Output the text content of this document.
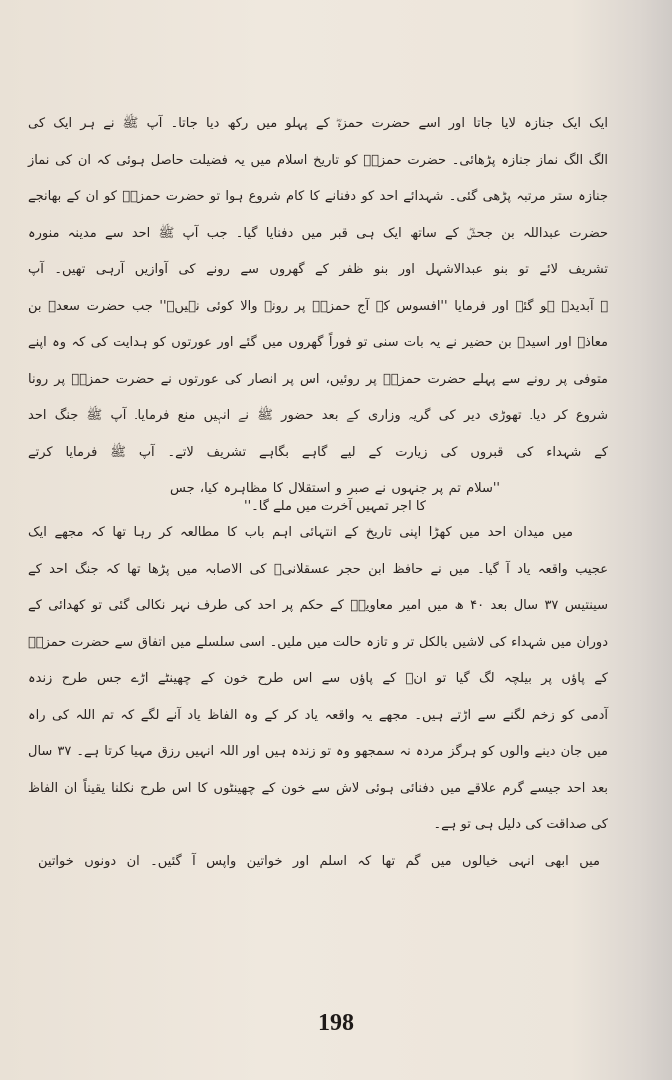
ایک ایک جنازہ لایا جاتا اور اسے حضرت حمزہؓ کے پہلو میں رکھ دیا جاتا۔ آپ ﷺ نے ہر ایک کی
الگ الگ نماز جنازہ پڑھائی۔ حضرت حمزہؓ کو تاریخ اسلام میں یہ فضیلت حاصل ہوئی کہ ان کی نماز
جنازہ ستر مرتبہ پڑھی گئی۔ شہدائے احد کو دفنانے کا کام شروع ہوا تو حضرت حمزہؓ کو ان کے بھانجے
حضرت عبداللہ بن جحشؓ کے ساتھ ایک ہی قبر میں دفنایا گیا۔ جب آپ ﷺ احد سے مدینہ منورہ
تشریف لائے تو بنو عبدالاشہل اور بنو ظفر کے گھروں سے رونے کی آوازیں آرہی تھیں۔ آپ
ﷺ آبدیدہ ہو گئے اور فرمایا ''افسوس کہ آج حمزہؓ پر رونے والا کوئی نہیں۔'' جب حضرت سعدؓ بن
معاذؓ اور اسیدؓ بن حضیر نے یہ بات سنی تو فوراً گھروں میں گئے اور عورتوں کو ہدایت کی کہ وہ اپنے
متوفی پر رونے سے پہلے حضرت حمزہؓ پر روئیں، اس پر انصار کی عورتوں نے حضرت حمزہؓ پر رونا
شروع کر دیا۔ تھوڑی دیر کی گریہ وزاری کے بعد حضور ﷺ نے انہیں منع فرمایا۔ آپ ﷺ جنگ احد
کے شہداء کی قبروں کی زیارت کے لیے گاہے بگاہے تشریف لاتے۔ آپ ﷺ فرمایا کرتے
''سلام تم پر جنہوں نے صبر و استقلال کا مظاہرہ کیا، جس کا اجر تمہیں آخرت میں ملے گا۔''
میں میدان احد میں کھڑا اپنی تاریخ کے انتہائی اہم باب کا مطالعہ کر رہا تھا کہ مجھے ایک
عجیب واقعہ یاد آ گیا۔ میں نے حافظ ابن حجر عسقلانیؒ کی الاصابہ میں پڑھا تھا کہ جنگ احد کے
سینتیس ۳۷ سال بعد ۴۰ ھ میں امیر معاویہؓ کے حکم پر احد کی طرف نہر نکالی گئی تو کھدائی کے
دوران میں شہداء کی لاشیں بالکل تر و تازہ حالت میں ملیں۔ اسی سلسلے میں اتفاق سے حضرت حمزہؓ
کے پاؤں پر بیلچہ لگ گیا تو انؓ کے پاؤں سے اس طرح خون کے چھینٹے اڑے جس طرح زندہ
آدمی کو زخم لگنے سے اڑتے ہیں۔ مجھے یہ واقعہ یاد کر کے وہ الفاظ یاد آنے لگے کہ تم اللہ کی راہ
میں جان دینے والوں کو ہرگز مردہ نہ سمجھو وہ تو زندہ ہیں اور اللہ انہیں رزق مہیا کرتا ہے۔ ۳۷ سال
بعد احد جیسے گرم علاقے میں دفنائی ہوئی لاش سے خون کے چھینٹوں کا اس طرح نکلنا یقیناً ان الفاظ
کی صداقت کی دلیل ہی تو ہے۔
میں ابھی انہی خیالوں میں گم تھا کہ اسلم اور خواتین واپس آ گئیں۔ ان دونوں خواتین
198
